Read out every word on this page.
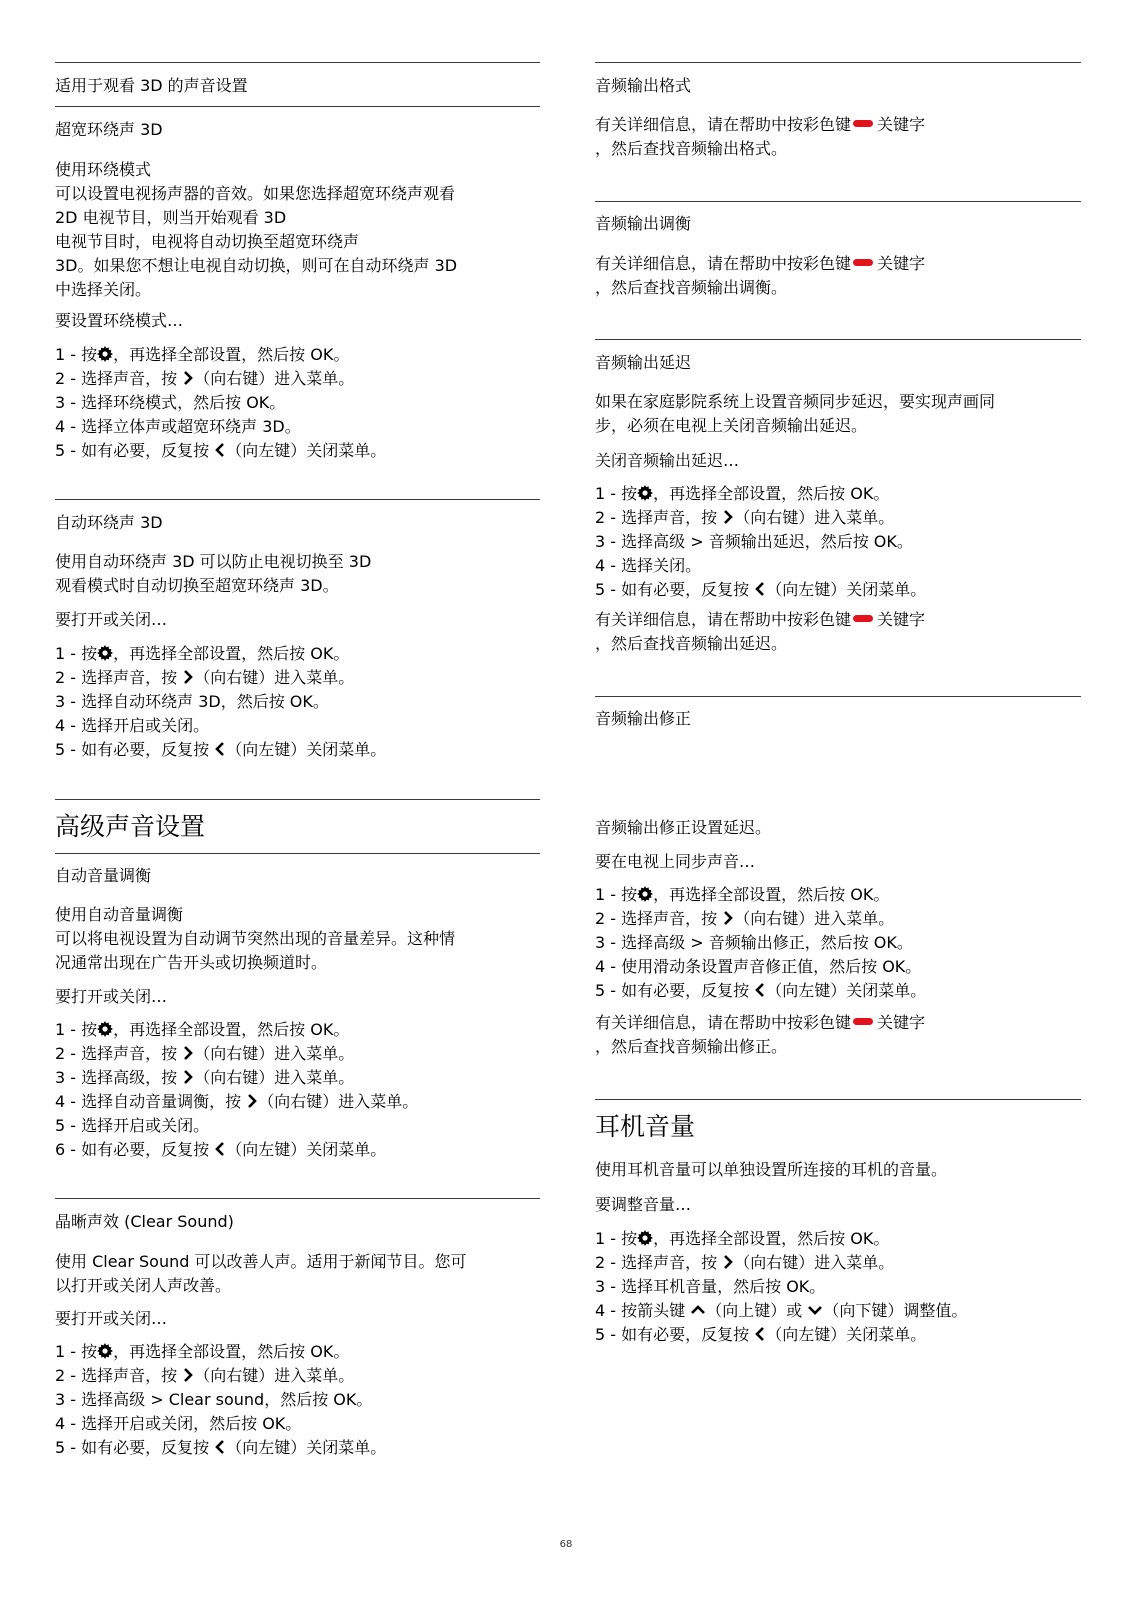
适用于观看 3D 的声音设置
超宽环绕声 3D
使用环绕模式
可以设置电视扬声器的音效。如果您选择超宽环绕声观看
2D 电视节目，则当开始观看 3D
电视节目时，电视将自动切换至超宽环绕声
3D。如果您不想让电视自动切换，则可在自动环绕声 3D
中选择关闭。
要设置环绕模式…
1 - 按 ，再选择全部设置，然后按 OK。
2 - 选择声音，按 （向右键）进入菜单。
3 - 选择环绕模式，然后按 OK。
4 - 选择立体声或超宽环绕声 3D。
5 - 如有必要，反复按 （向左键）关闭菜单。
自动环绕声 3D
使用自动环绕声 3D 可以防止电视切换至 3D
观看模式时自动切换至超宽环绕声 3D。
要打开或关闭…
1 - 按 ，再选择全部设置，然后按 OK。
2 - 选择声音，按 （向右键）进入菜单。
3 - 选择自动环绕声 3D，然后按 OK。
4 - 选择开启或关闭。
5 - 如有必要，反复按 （向左键）关闭菜单。
高级声音设置
自动音量调衡
使用自动音量调衡
可以将电视设置为自动调节突然出现的音量差异。这种情
况通常出现在广告开头或切换频道时。
要打开或关闭…
1 - 按 ，再选择全部设置，然后按 OK。
2 - 选择声音，按 （向右键）进入菜单。
3 - 选择高级，按 （向右键）进入菜单。
4 - 选择自动音量调衡，按 （向右键）进入菜单。
5 - 选择开启或关闭。
6 - 如有必要，反复按 （向左键）关闭菜单。
晶晰声效 (Clear Sound)
使用 Clear Sound 可以改善人声。适用于新闻节目。您可
以打开或关闭人声改善。
要打开或关闭…
1 - 按 ，再选择全部设置，然后按 OK。
2 - 选择声音，按 （向右键）进入菜单。
3 - 选择高级 > Clear sound，然后按 OK。
4 - 选择开启或关闭，然后按 OK。
5 - 如有必要，反复按 （向左键）关闭菜单。
音频输出格式
有关详细信息，请在帮助中按彩色键 关键字
，然后查找音频输出格式。
音频输出调衡
有关详细信息，请在帮助中按彩色键 关键字
，然后查找音频输出调衡。
音频输出延迟
如果在家庭影院系统上设置音频同步延迟，要实现声画同
步，必须在电视上关闭音频输出延迟。
关闭音频输出延迟…
1 - 按 ，再选择全部设置，然后按 OK。
2 - 选择声音，按 （向右键）进入菜单。
3 - 选择高级 > 音频输出延迟，然后按 OK。
4 - 选择关闭。
5 - 如有必要，反复按 （向左键）关闭菜单。
有关详细信息，请在帮助中按彩色键 关键字
，然后查找音频输出延迟。
音频输出修正
音频输出修正设置延迟。
要在电视上同步声音…
1 - 按 ，再选择全部设置，然后按 OK。
2 - 选择声音，按 （向右键）进入菜单。
3 - 选择高级 > 音频输出修正，然后按 OK。
4 - 使用滑动条设置声音修正值，然后按 OK。
5 - 如有必要，反复按 （向左键）关闭菜单。
有关详细信息，请在帮助中按彩色键 关键字
，然后查找音频输出修正。
耳机音量
使用耳机音量可以单独设置所连接的耳机的音量。
要调整音量…
1 - 按 ，再选择全部设置，然后按 OK。
2 - 选择声音，按 （向右键）进入菜单。
3 - 选择耳机音量，然后按 OK。
4 - 按箭头键 （向上键）或 （向下键）调整值。
5 - 如有必要，反复按 （向左键）关闭菜单。
68
